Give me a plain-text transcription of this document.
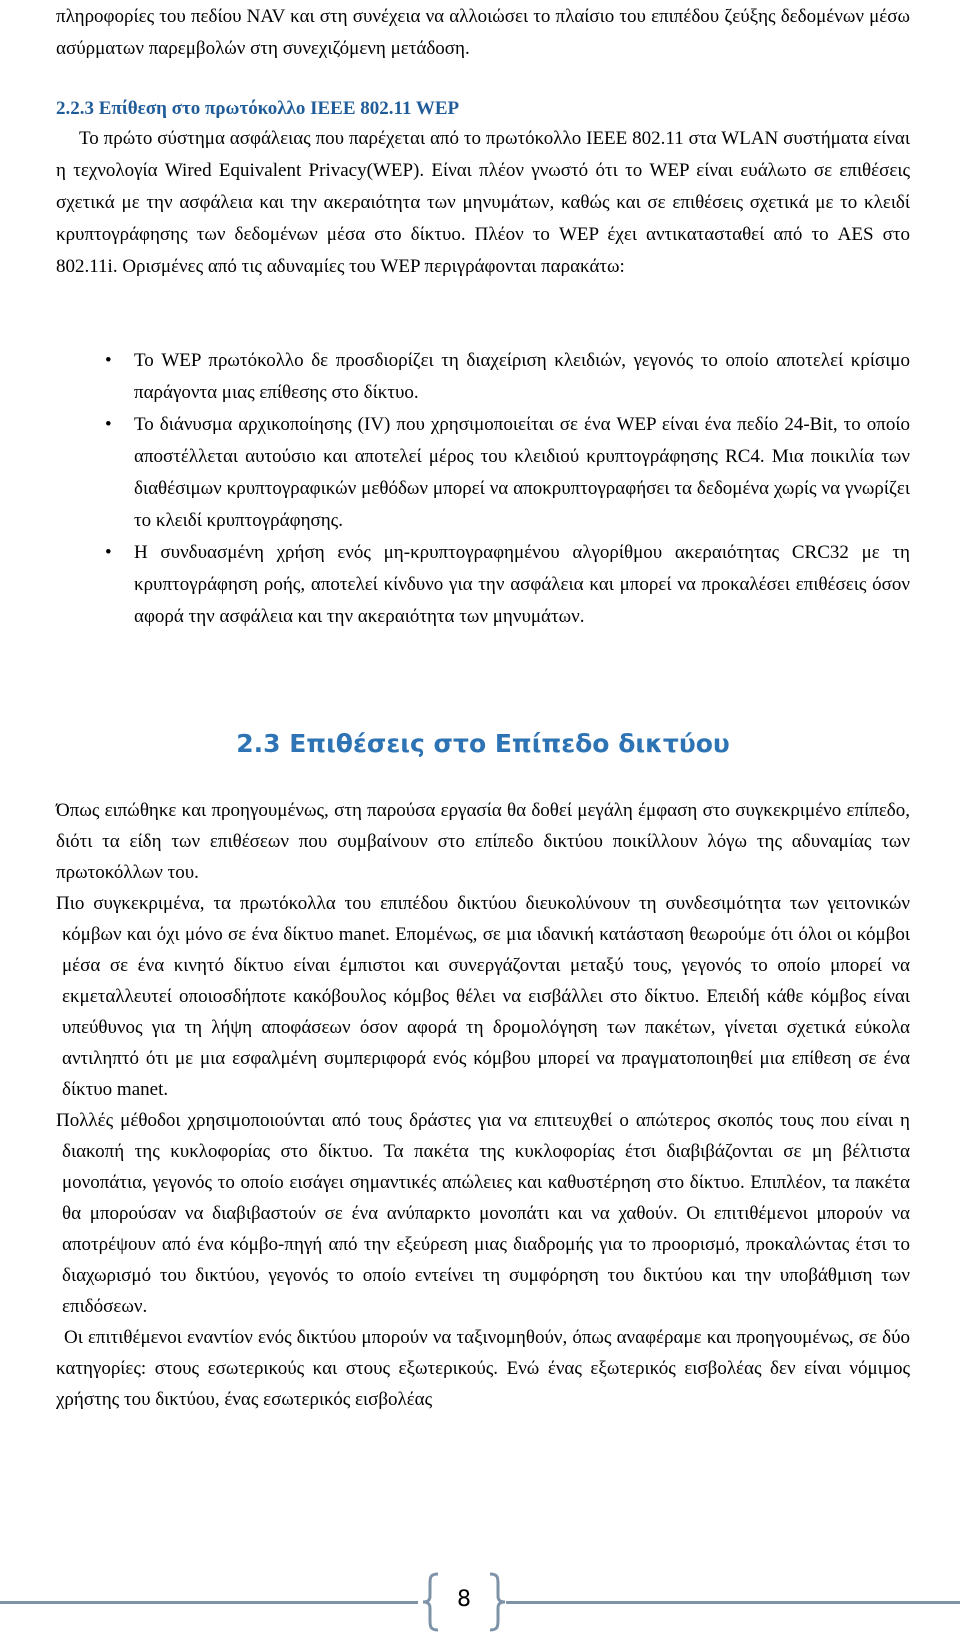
πληροφορίες του πεδίου NAV και στη συνέχεια να αλλοιώσει το πλαίσιο του επιπέδου ζεύξης δεδομένων μέσω ασύρματων παρεμβολών στη συνεχιζόμενη μετάδοση.

2.2.3 Επίθεση στο πρωτόκολλο IEEE 802.11 WEP

Το πρώτο σύστημα ασφάλειας που παρέχεται από το πρωτόκολλο IEEE 802.11 στα WLAN συστήματα είναι η τεχνολογία Wired Equivalent Privacy(WEP). Είναι πλέον γνωστό ότι το WEP είναι ευάλωτο σε επιθέσεις σχετικά με την ασφάλεια και την ακεραιότητα των μηνυμάτων, καθώς και σε επιθέσεις σχετικά με το κλειδί κρυπτογράφησης των δεδομένων μέσα στο δίκτυο. Πλέον το WEP έχει αντικατασταθεί από το AES στο 802.11i. Ορισμένες από τις αδυναμίες του WEP περιγράφονται παρακάτω:

• Το WEP πρωτόκολλο δε προσδιορίζει τη διαχείριση κλειδιών, γεγονός το οποίο αποτελεί κρίσιμο παράγοντα μιας επίθεσης στο δίκτυο.
• Το διάνυσμα αρχικοποίησης (IV) που χρησιμοποιείται σε ένα WEP είναι ένα πεδίο 24-Bit, το οποίο αποστέλλεται αυτούσιο και αποτελεί μέρος του κλειδιού κρυπτογράφησης RC4. Μια ποικιλία των διαθέσιμων κρυπτογραφικών μεθόδων μπορεί να αποκρυπτογραφήσει τα δεδομένα χωρίς να γνωρίζει το κλειδί κρυπτογράφησης.
• Η συνδυασμένη χρήση ενός μη-κρυπτογραφημένου αλγορίθμου ακεραιότητας CRC32 με τη κρυπτογράφηση ροής, αποτελεί κίνδυνο για την ασφάλεια και μπορεί να προκαλέσει επιθέσεις όσον αφορά την ασφάλεια και την ακεραιότητα των μηνυμάτων.
2.3 Επιθέσεις στο Επίπεδο δικτύου

Όπως ειπώθηκε και προηγουμένως, στη παρούσα εργασία θα δοθεί μεγάλη έμφαση στο συγκεκριμένο επίπεδο, διότι τα είδη των επιθέσεων που συμβαίνουν στο επίπεδο δικτύου ποικίλλουν λόγω της αδυναμίας των πρωτοκόλλων του.

Πιο συγκεκριμένα, τα πρωτόκολλα του επιπέδου δικτύου διευκολύνουν τη συνδεσιμότητα των γειτονικών κόμβων και όχι μόνο σε ένα δίκτυο manet. Επομένως, σε μια ιδανική κατάσταση θεωρούμε ότι όλοι οι κόμβοι μέσα σε ένα κινητό δίκτυο είναι έμπιστοι και συνεργάζονται μεταξύ τους, γεγονός το οποίο μπορεί να εκμεταλλευτεί οποιοσδήποτε κακόβουλος κόμβος θέλει να εισβάλλει στο δίκτυο. Επειδή κάθε κόμβος είναι υπεύθυνος για τη λήψη αποφάσεων όσον αφορά τη δρομολόγηση των πακέτων, γίνεται σχετικά εύκολα αντιληπτό ότι με μια εσφαλμένη συμπεριφορά ενός κόμβου μπορεί να πραγματοποιηθεί μια επίθεση σε ένα δίκτυο manet.

Πολλές μέθοδοι χρησιμοποιούνται από τους δράστες για να επιτευχθεί ο απώτερος σκοπός τους που είναι η διακοπή της κυκλοφορίας στο δίκτυο. Τα πακέτα της κυκλοφορίας έτσι διαβιβάζονται σε μη βέλτιστα μονοπάτια, γεγονός το οποίο εισάγει σημαντικές απώλειες και καθυστέρηση στο δίκτυο. Επιπλέον, τα πακέτα θα μπορούσαν να διαβιβαστούν σε ένα ανύπαρκτο μονοπάτι και να χαθούν. Οι επιτιθέμενοι μπορούν να αποτρέψουν από ένα κόμβο-πηγή από την εξεύρεση μιας διαδρομής για το προορισμό, προκαλώντας έτσι το διαχωρισμό του δικτύου, γεγονός το οποίο εντείνει τη συμφόρηση του δικτύου και την υποβάθμιση των επιδόσεων.

Οι επιτιθέμενοι εναντίον ενός δικτύου μπορούν να ταξινομηθούν, όπως αναφέραμε και προηγουμένως, σε δύο κατηγορίες: στους εσωτερικούς και στους εξωτερικούς. Ενώ ένας εξωτερικός εισβολέας δεν είναι νόμιμος χρήστης του δικτύου, ένας εσωτερικός εισβολέας

8
